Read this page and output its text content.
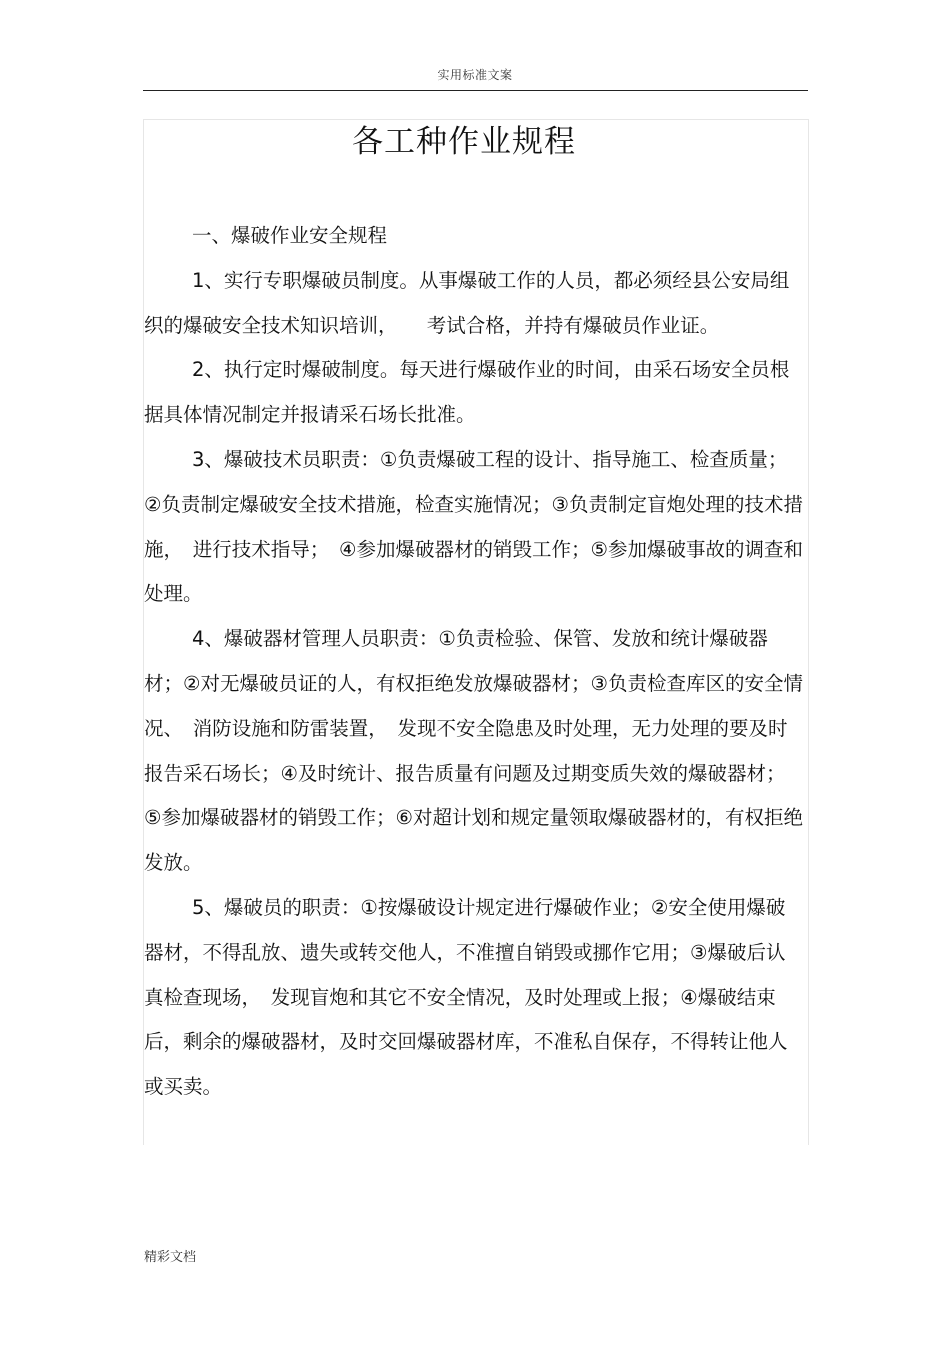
实用标准文案
各工种作业规程

一、爆破作业安全规程

1、实行专职爆破员制度。从事爆破工作的人员，都必须经县公安局组织的爆破安全技术知识培训，　　考试合格，并持有爆破员作业证。

2、执行定时爆破制度。每天进行爆破作业的时间，由采石场安全员根据具体情况制定并报请采石场长批准。

3、爆破技术员职责：①负责爆破工程的设计、指导施工、检查质量；②负责制定爆破安全技术措施，检查实施情况；③负责制定盲炮处理的技术措施，　进行技术指导；　④参加爆破器材的销毁工作；⑤参加爆破事故的调查和处理。

4、爆破器材管理人员职责：①负责检验、保管、发放和统计爆破器材；②对无爆破员证的人，有权拒绝发放爆破器材；③负责检查库区的安全情况、　消防设施和防雷装置，　发现不安全隐患及时处理，无力处理的要及时报告采石场长；④及时统计、报告质量有问题及过期变质失效的爆破器材；　　⑤参加爆破器材的销毁工作；⑥对超计划和规定量领取爆破器材的，有权拒绝发放。

5、爆破员的职责：①按爆破设计规定进行爆破作业；②安全使用爆破器材，不得乱放、遗失或转交他人，不准擅自销毁或挪作它用；③爆破后认真检查现场，　发现盲炮和其它不安全情况，及时处理或上报；④爆破结束后，剩余的爆破器材，及时交回爆破器材库，不准私自保存，不得转让他人或买卖。

精彩文档
